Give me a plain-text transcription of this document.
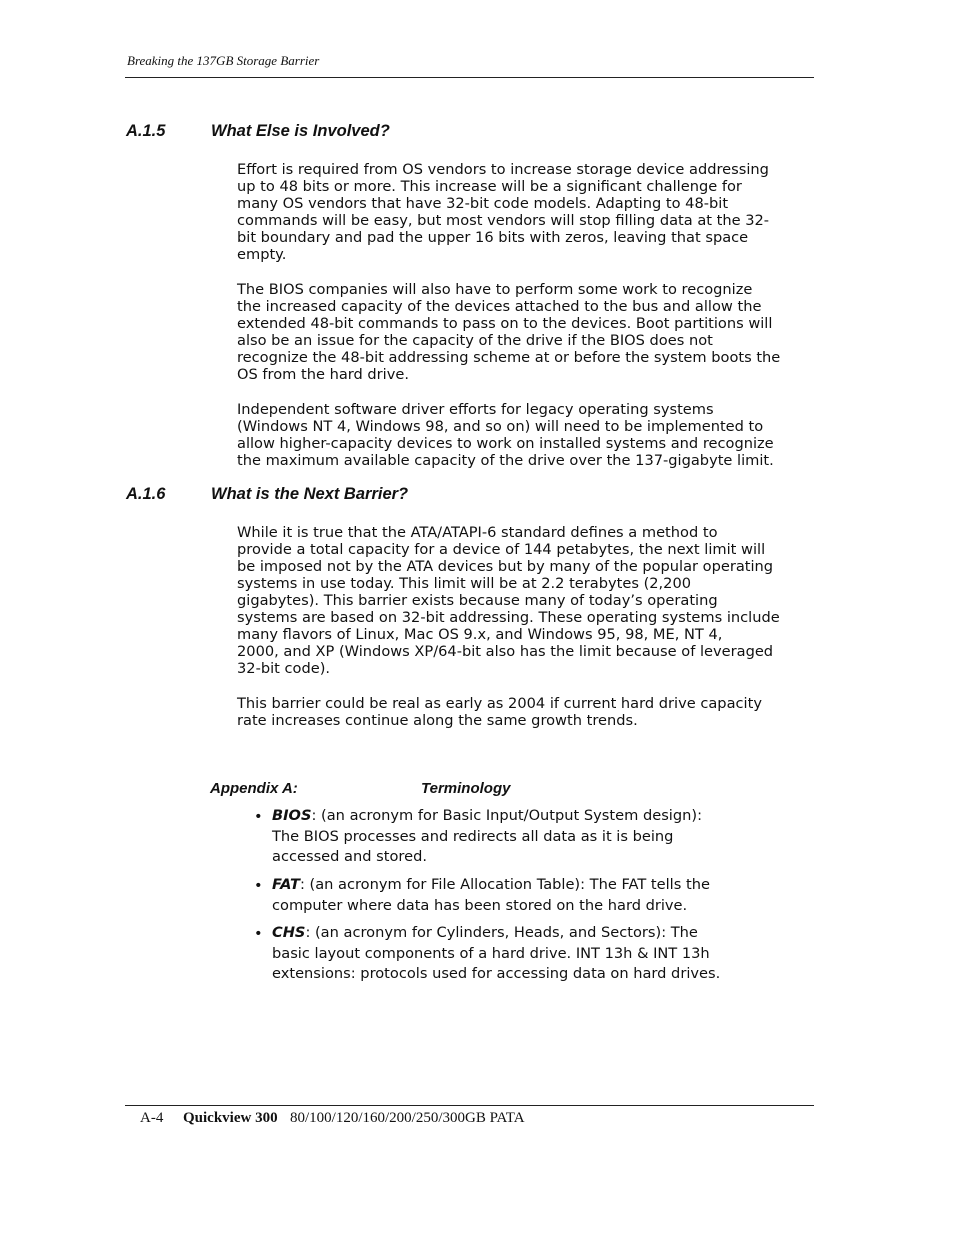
Breaking the 137GB Storage Barrier
A.1.5	What Else is Involved?
Effort is required from OS vendors to increase storage device addressing
up to 48 bits or more. This increase will be a significant challenge for
many OS vendors that have 32-bit code models. Adapting to 48-bit
commands will be easy, but most vendors will stop filling data at the 32-
bit boundary and pad the upper 16 bits with zeros, leaving that space
empty.
The BIOS companies will also have to perform some work to recognize
the increased capacity of the devices attached to the bus and allow the
extended 48-bit commands to pass on to the devices. Boot partitions will
also be an issue for the capacity of the drive if the BIOS does not
recognize the 48-bit addressing scheme at or before the system boots the
OS from the hard drive.
Independent software driver efforts for legacy operating systems
(Windows NT 4, Windows 98, and so on) will need to be implemented to
allow higher-capacity devices to work on installed systems and recognize
the maximum available capacity of the drive over the 137-gigabyte limit.
A.1.6	What is the Next Barrier?
While it is true that the ATA/ATAPI-6 standard defines a method to
provide a total capacity for a device of 144 petabytes, the next limit will
be imposed not by the ATA devices but by many of the popular operating
systems in use today. This limit will be at 2.2 terabytes (2,200
gigabytes). This barrier exists because many of today’s operating
systems are based on 32-bit addressing. These operating systems include
many flavors of Linux, Mac OS 9.x, and Windows 95, 98, ME, NT 4,
2000, and XP (Windows XP/64-bit also has the limit because of leveraged
32-bit code).
This barrier could be real as early as 2004 if current hard drive capacity
rate increases continue along the same growth trends.
Appendix A:	Terminology
• BIOS: (an acronym for Basic Input/Output System design):
The BIOS processes and redirects all data as it is being
accessed and stored.
• FAT: (an acronym for File Allocation Table): The FAT tells the
computer where data has been stored on the hard drive.
• CHS: (an acronym for Cylinders, Heads, and Sectors): The
basic layout components of a hard drive. INT 13h & INT 13h
extensions: protocols used for accessing data on hard drives.
A-4 Quickview 300 80/100/120/160/200/250/300GB PATA
